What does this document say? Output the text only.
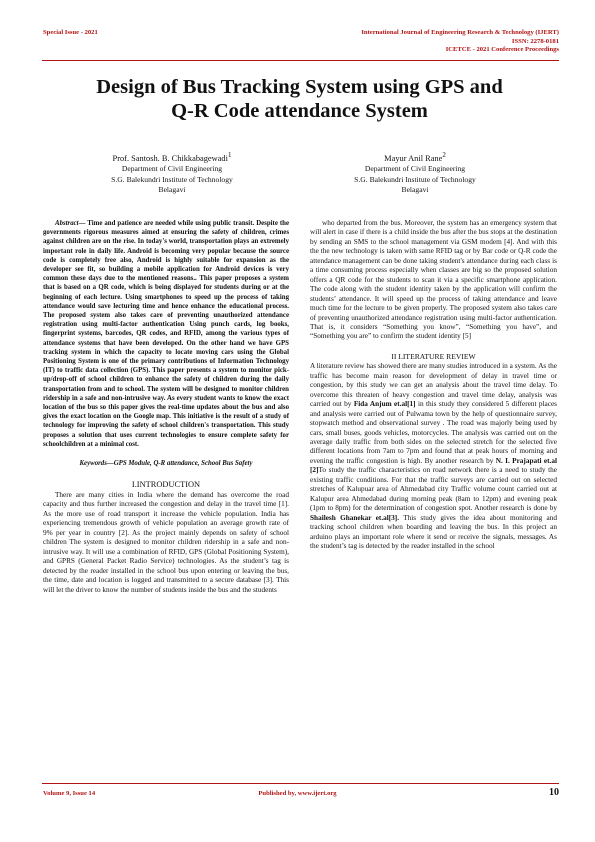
Special Issue - 2021	International Journal of Engineering Research & Technology (IJERT)
ISSN: 2278-0181
ICETCE - 2021 Conference Proceedings
Design of Bus Tracking System using GPS and
Q-R Code attendance System
Prof. Santosh. B. Chikkabagewadi$^1$
Department of Civil Engineering
S.G. Balekundri Institute of Technology
Belagavi
Mayur Anil Rane$^2$
Department of Civil Engineering
S.G. Balekundri Institute of Technology
Belagavi

Abstract— Time and patience are needed while using public transit. Despite the governments rigorous measures aimed at ensuring the safety of children, crimes against children are on the rise. In today's world, transportation plays an extremely important role in daily life. Android is becoming very popular because the source code is completely free also, Android is highly suitable for expansion as the developer see fit, so building a mobile application for Android devices is very common these days due to the mentioned reasons.. This paper proposes a system that is based on a QR code, which is being displayed for students during or at the beginning of each lecture. Using smartphones to speed up the process of taking attendance would save lecturing time and hence enhance the educational process. The proposed system also takes care of preventing unauthorized attendance registration using multi-factor authentication Using punch cards, log books, fingerprint systems, barcodes, QR codes, and RFID, among the various types of attendance systems that have been developed. On the other hand we have GPS tracking system in which the capacity to locate moving cars using the Global Positioning System is one of the primary contributions of Information Technology (IT) to traffic data collection (GPS). This paper presents a system to monitor pick-up/drop-off of school children to enhance the safety of children during the daily transportation from and to school. The system will be designed to monitor children ridership in a safe and non-intrusive way. As every student wants to know the exact location of the bus so this paper gives the real-time updates about the bus and also gives the exact location on the Google map. This initiative is the result of a study of technology for improving the safety of school children's transportation. This study proposes a solution that uses current technologies to ensure complete safety for schoolchildren at a minimal cost.

Keywords—GPS Module, Q-R attendance, School Bus Safety

I.INTRODUCTION

There are many cities in India where the demand has overcome the road capacity and thus further increased the congestion and delay in the travel time [1]. As the more use of road transport it increase the vehicle population. India has experiencing tremendous growth of vehicle population an average growth rate of 9% per year in country [2]. As the project mainly depends on safety of school children The system is designed to monitor children ridership in a safe and non-intrusive way. It will use a combination of RFID, GPS (Global Positioning System), and GPRS (General Packet Radio Service) technologies. As the student’s tag is detected by the reader installed in the school bus upon entering or leaving the bus, the time, date and location is logged and transmitted to a secure database [3]. This will let the driver to know the number of students inside the bus and the students

who departed from the bus. Moreover, the system has an emergency system that will alert in case if there is a child inside the bus after the bus stops at the destination by sending an SMS to the school management via GSM modem [4]. And with this the the new technology is taken with same RFID tag or by Bar code or Q-R code the attendance management can be done taking student's attendance during each class is a time consuming process especially when classes are big so the proposed solution offers a QR code for the students to scan it via a specific smartphone application. The code along with the student identity taken by the application will confirm the students’ attendance. It will speed up the process of taking attendance and leave much time for the lecture to be given properly. The proposed system also takes care of preventing unauthorized attendance registration using multi-factor authentication. That is, it considers “Something you know”, “Something you have”, and “Something you are” to confirm the student identity [5]

II LITERATURE REVIEW

A literature review has showed there are many studies introduced in a system. As the traffic has become main reason for development of delay in travel time or congestion, by this study we can get an analysis about the travel time delay. To overcome this threaten of heavy congestion and travel time delay, analysis was carried out by Fida Anjum et.al[1] in this study they considered 5 different places and analysis were carried out of Pulwama town by the help of questionnaire survey, stopwatch method and observational survey . The road was majorly being used by cars, small buses, goods vehicles, motorcycles. The analysis was carried out on the average daily traffic from both sides on the selected stretch for the selected five different locations from 7am to 7pm and found that at peak hours of morning and evening the traffic congestion is high. By another research by N. I. Prajapati et.al [2]To study the traffic characteristics on road network there is a need to study the existing traffic conditions. For that the traffic surveys are carried out on selected stretches of Kalupuar area of Ahmedabad city Traffic volume count carried out at Kalupur area Ahmedabad during morning peak (8am to 12pm) and evening peak (1pm to 8pm) for the determination of congestion spot. Another research is done by Shailesh Ghanekar et.al[3]. This study gives the idea about monitoring and tracking school children when boarding and leaving the bus. In this project an arduino plays an important role where it send or receive the signals, messages. As the student’s tag is detected by the reader installed in the school

Volume 9, Issue 14	Published by, www.ijert.org	10
